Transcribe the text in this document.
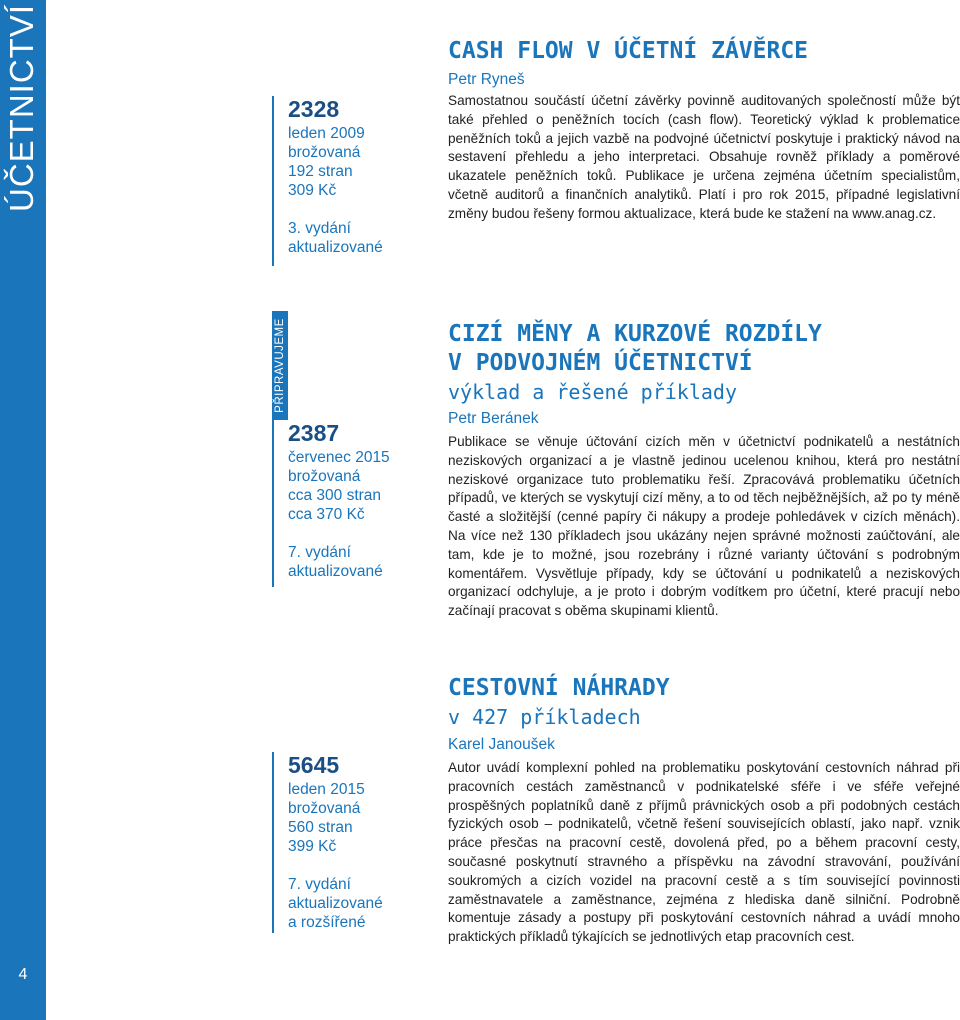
ÚČETNICTVÍ
4
2328
leden 2009
brožovaná
192 stran
309 Kč
3. vydání
aktualizované
CASH FLOW V ÚČETNÍ ZÁVĚRCE
Petr Ryneš

Samostatnou součástí účetní závěrky povinně auditovaných společností může být také přehled o peněžních tocích (cash flow). Teoretický výklad k problematice peněžních toků a jejich vazbě na podvojné účetnictví poskytuje i praktický návod na sestavení přehledu a jeho interpretaci. Obsahuje rovněž příklady a poměrové ukazatele peněžních toků. Publikace je určena zejména účetním specialistům, včetně auditorů a finančních analytiků. Platí i pro rok 2015, případné legislativní změny budou řešeny formou aktualizace, která bude ke stažení na www.anag.cz.

PŘIPRAVUJEME
2387
červenec 2015
brožovaná
cca 300 stran
cca 370 Kč
7. vydání
aktualizované
CIZÍ MĚNY A KURZOVÉ ROZDÍLY
V PODVOJNÉM ÚČETNICTVÍ
výklad a řešené příklady
Petr Beránek

Publikace se věnuje účtování cizích měn v účetnictví podnikatelů a nestátních neziskových organizací a je vlastně jedinou ucelenou knihou, která pro nestátní neziskové organizace tuto problematiku řeší. Zpracovává problematiku účetních případů, ve kterých se vyskytují cizí měny, a to od těch nejběžnějších, až po ty méně časté a složitější (cenné papíry či nákupy a prodeje pohledávek v cizích měnách). Na více než 130 příkladech jsou ukázány nejen správné možnosti zaúčtování, ale tam, kde je to možné, jsou rozebrány i různé varianty účtování s podrobným komentářem. Vysvětluje případy, kdy se účtování u podnikatelů a neziskových organizací odchyluje, a je proto i dobrým vodítkem pro účetní, které pracují nebo začínají pracovat s oběma skupinami klientů.

5645
leden 2015
brožovaná
560 stran
399 Kč
7. vydání
aktualizované
a rozšířené
CESTOVNÍ NÁHRADY
v 427 příkladech
Karel Janoušek

Autor uvádí komplexní pohled na problematiku poskytování cestovních náhrad při pracovních cestách zaměstnanců v podnikatelské sféře i ve sféře veřejné prospěšných poplatníků daně z příjmů právnických osob a při podobných cestách fyzických osob – podnikatelů, včetně řešení souvisejících oblastí, jako např. vznik práce přesčas na pracovní cestě, dovolená před, po a během pracovní cesty, současné poskytnutí stravného a příspěvku na závodní stravování, používání soukromých a cizích vozidel na pracovní cestě a s tím související povinnosti zaměstnavatele a zaměstnance, zejména z hlediska daně silniční. Podrobně komentuje zásady a postupy při poskytování cestovních náhrad a uvádí mnoho praktických příkladů týkajících se jednotlivých etap pracovních cest.
